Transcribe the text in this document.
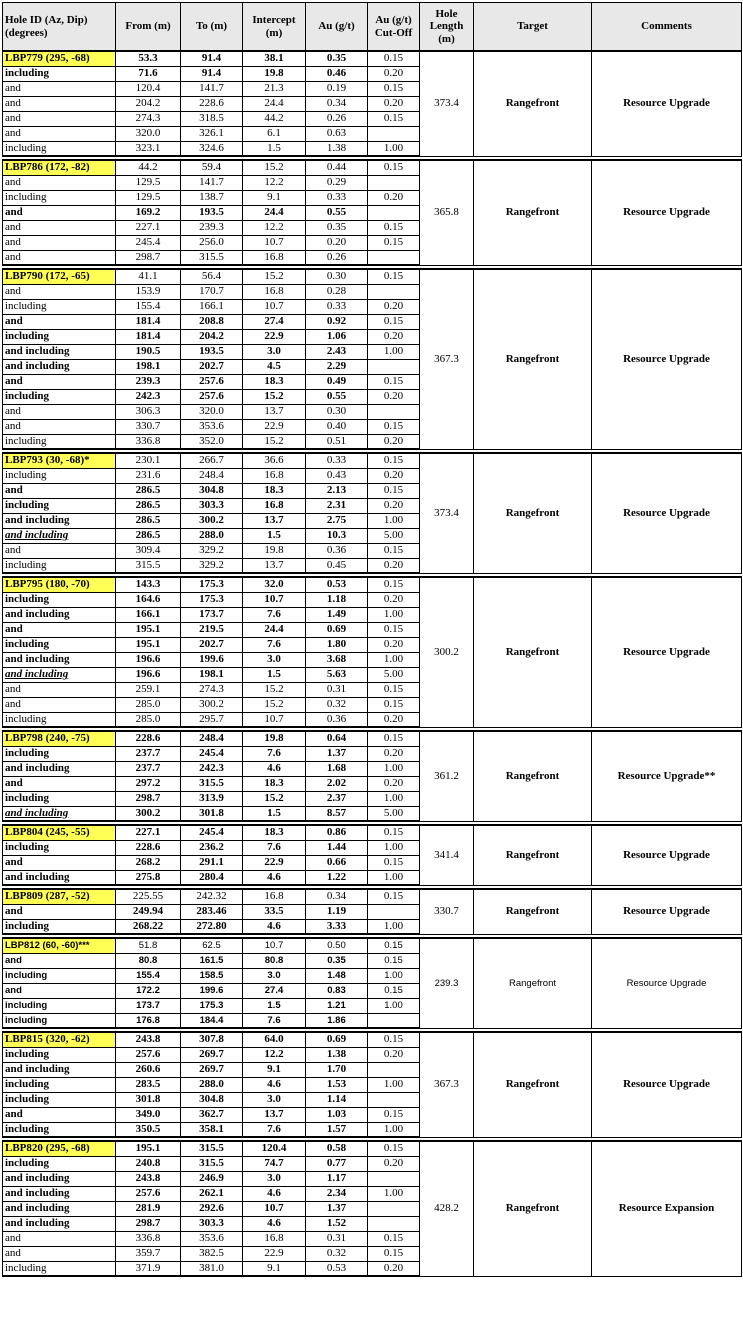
Hole ID (Az, Dip) (degrees)	From (m)	To (m)	Intercept (m)	Au (g/t)	Au (g/t) Cut-Off	Hole Length (m)	Target	Comments
LBP779 (295, -68)	53.3	91.4	38.1	0.35	0.15	373.4	Rangefront	Resource Upgrade
including	71.6	91.4	19.8	0.46	0.20			
and	120.4	141.7	21.3	0.19	0.15			
and	204.2	228.6	24.4	0.34	0.20			
and	274.3	318.5	44.2	0.26	0.15			
and	320.0	326.1	6.1	0.63				
including	323.1	324.6	1.5	1.38	1.00			

LBP786 (172, -82)	44.2	59.4	15.2	0.44	0.15	365.8	Rangefront	Resource Upgrade
and	129.5	141.7	12.2	0.29				
including	129.5	138.7	9.1	0.33	0.20			
and	169.2	193.5	24.4	0.55				
and	227.1	239.3	12.2	0.35	0.15			
and	245.4	256.0	10.7	0.20	0.15			
and	298.7	315.5	16.8	0.26				

LBP790 (172, -65)	41.1	56.4	15.2	0.30	0.15	367.3	Rangefront	Resource Upgrade
and	153.9	170.7	16.8	0.28				
including	155.4	166.1	10.7	0.33	0.20			
and	181.4	208.8	27.4	0.92	0.15			
including	181.4	204.2	22.9	1.06	0.20			
and including	190.5	193.5	3.0	2.43	1.00			
and including	198.1	202.7	4.5	2.29				
and	239.3	257.6	18.3	0.49	0.15			
including	242.3	257.6	15.2	0.55	0.20			
and	306.3	320.0	13.7	0.30				
and	330.7	353.6	22.9	0.40	0.15			
including	336.8	352.0	15.2	0.51	0.20			

LBP793 (30, -68)*	230.1	266.7	36.6	0.33	0.15	373.4	Rangefront	Resource Upgrade
including	231.6	248.4	16.8	0.43	0.20			
and	286.5	304.8	18.3	2.13	0.15			
including	286.5	303.3	16.8	2.31	0.20			
and including	286.5	300.2	13.7	2.75	1.00			
and including	286.5	288.0	1.5	10.3	5.00			
and	309.4	329.2	19.8	0.36	0.15			
including	315.5	329.2	13.7	0.45	0.20			

LBP795 (180, -70)	143.3	175.3	32.0	0.53	0.15	300.2	Rangefront	Resource Upgrade
including	164.6	175.3	10.7	1.18	0.20			
and including	166.1	173.7	7.6	1.49	1.00			
and	195.1	219.5	24.4	0.69	0.15			
including	195.1	202.7	7.6	1.80	0.20			
and including	196.6	199.6	3.0	3.68	1.00			
and including	196.6	198.1	1.5	5.63	5.00			
and	259.1	274.3	15.2	0.31	0.15			
and	285.0	300.2	15.2	0.32	0.15			
including	285.0	295.7	10.7	0.36	0.20			

LBP798 (240, -75)	228.6	248.4	19.8	0.64	0.15	361.2	Rangefront	Resource Upgrade**
including	237.7	245.4	7.6	1.37	0.20			
and including	237.7	242.3	4.6	1.68	1.00			
and	297.2	315.5	18.3	2.02	0.20			
including	298.7	313.9	15.2	2.37	1.00			
and including	300.2	301.8	1.5	8.57	5.00			

LBP804 (245, -55)	227.1	245.4	18.3	0.86	0.15	341.4	Rangefront	Resource Upgrade
including	228.6	236.2	7.6	1.44	1.00			
and	268.2	291.1	22.9	0.66	0.15			
and including	275.8	280.4	4.6	1.22	1.00			

LBP809 (287, -52)	225.55	242.32	16.8	0.34	0.15	330.7	Rangefront	Resource Upgrade
and	249.94	283.46	33.5	1.19				
including	268.22	272.80	4.6	3.33	1.00			

LBP812 (60, -60)***	51.8	62.5	10.7	0.50	0.15	239.3	Rangefront	Resource Upgrade
and	80.8	161.5	80.8	0.35	0.15			
including	155.4	158.5	3.0	1.48	1.00			
and	172.2	199.6	27.4	0.83	0.15			
including	173.7	175.3	1.5	1.21	1.00			
including	176.8	184.4	7.6	1.86				

LBP815 (320, -62)	243.8	307.8	64.0	0.69	0.15	367.3	Rangefront	Resource Upgrade
including	257.6	269.7	12.2	1.38	0.20			
and including	260.6	269.7	9.1	1.70				
including	283.5	288.0	4.6	1.53	1.00			
including	301.8	304.8	3.0	1.14				
and	349.0	362.7	13.7	1.03	0.15			
including	350.5	358.1	7.6	1.57	1.00			

LBP820 (295, -68)	195.1	315.5	120.4	0.58	0.15	428.2	Rangefront	Resource Expansion
including	240.8	315.5	74.7	0.77	0.20			
and including	243.8	246.9	3.0	1.17				
and including	257.6	262.1	4.6	2.34	1.00			
and including	281.9	292.6	10.7	1.37				
and including	298.7	303.3	4.6	1.52				
and	336.8	353.6	16.8	0.31	0.15			
and	359.7	382.5	22.9	0.32	0.15			
including	371.9	381.0	9.1	0.53	0.20			
